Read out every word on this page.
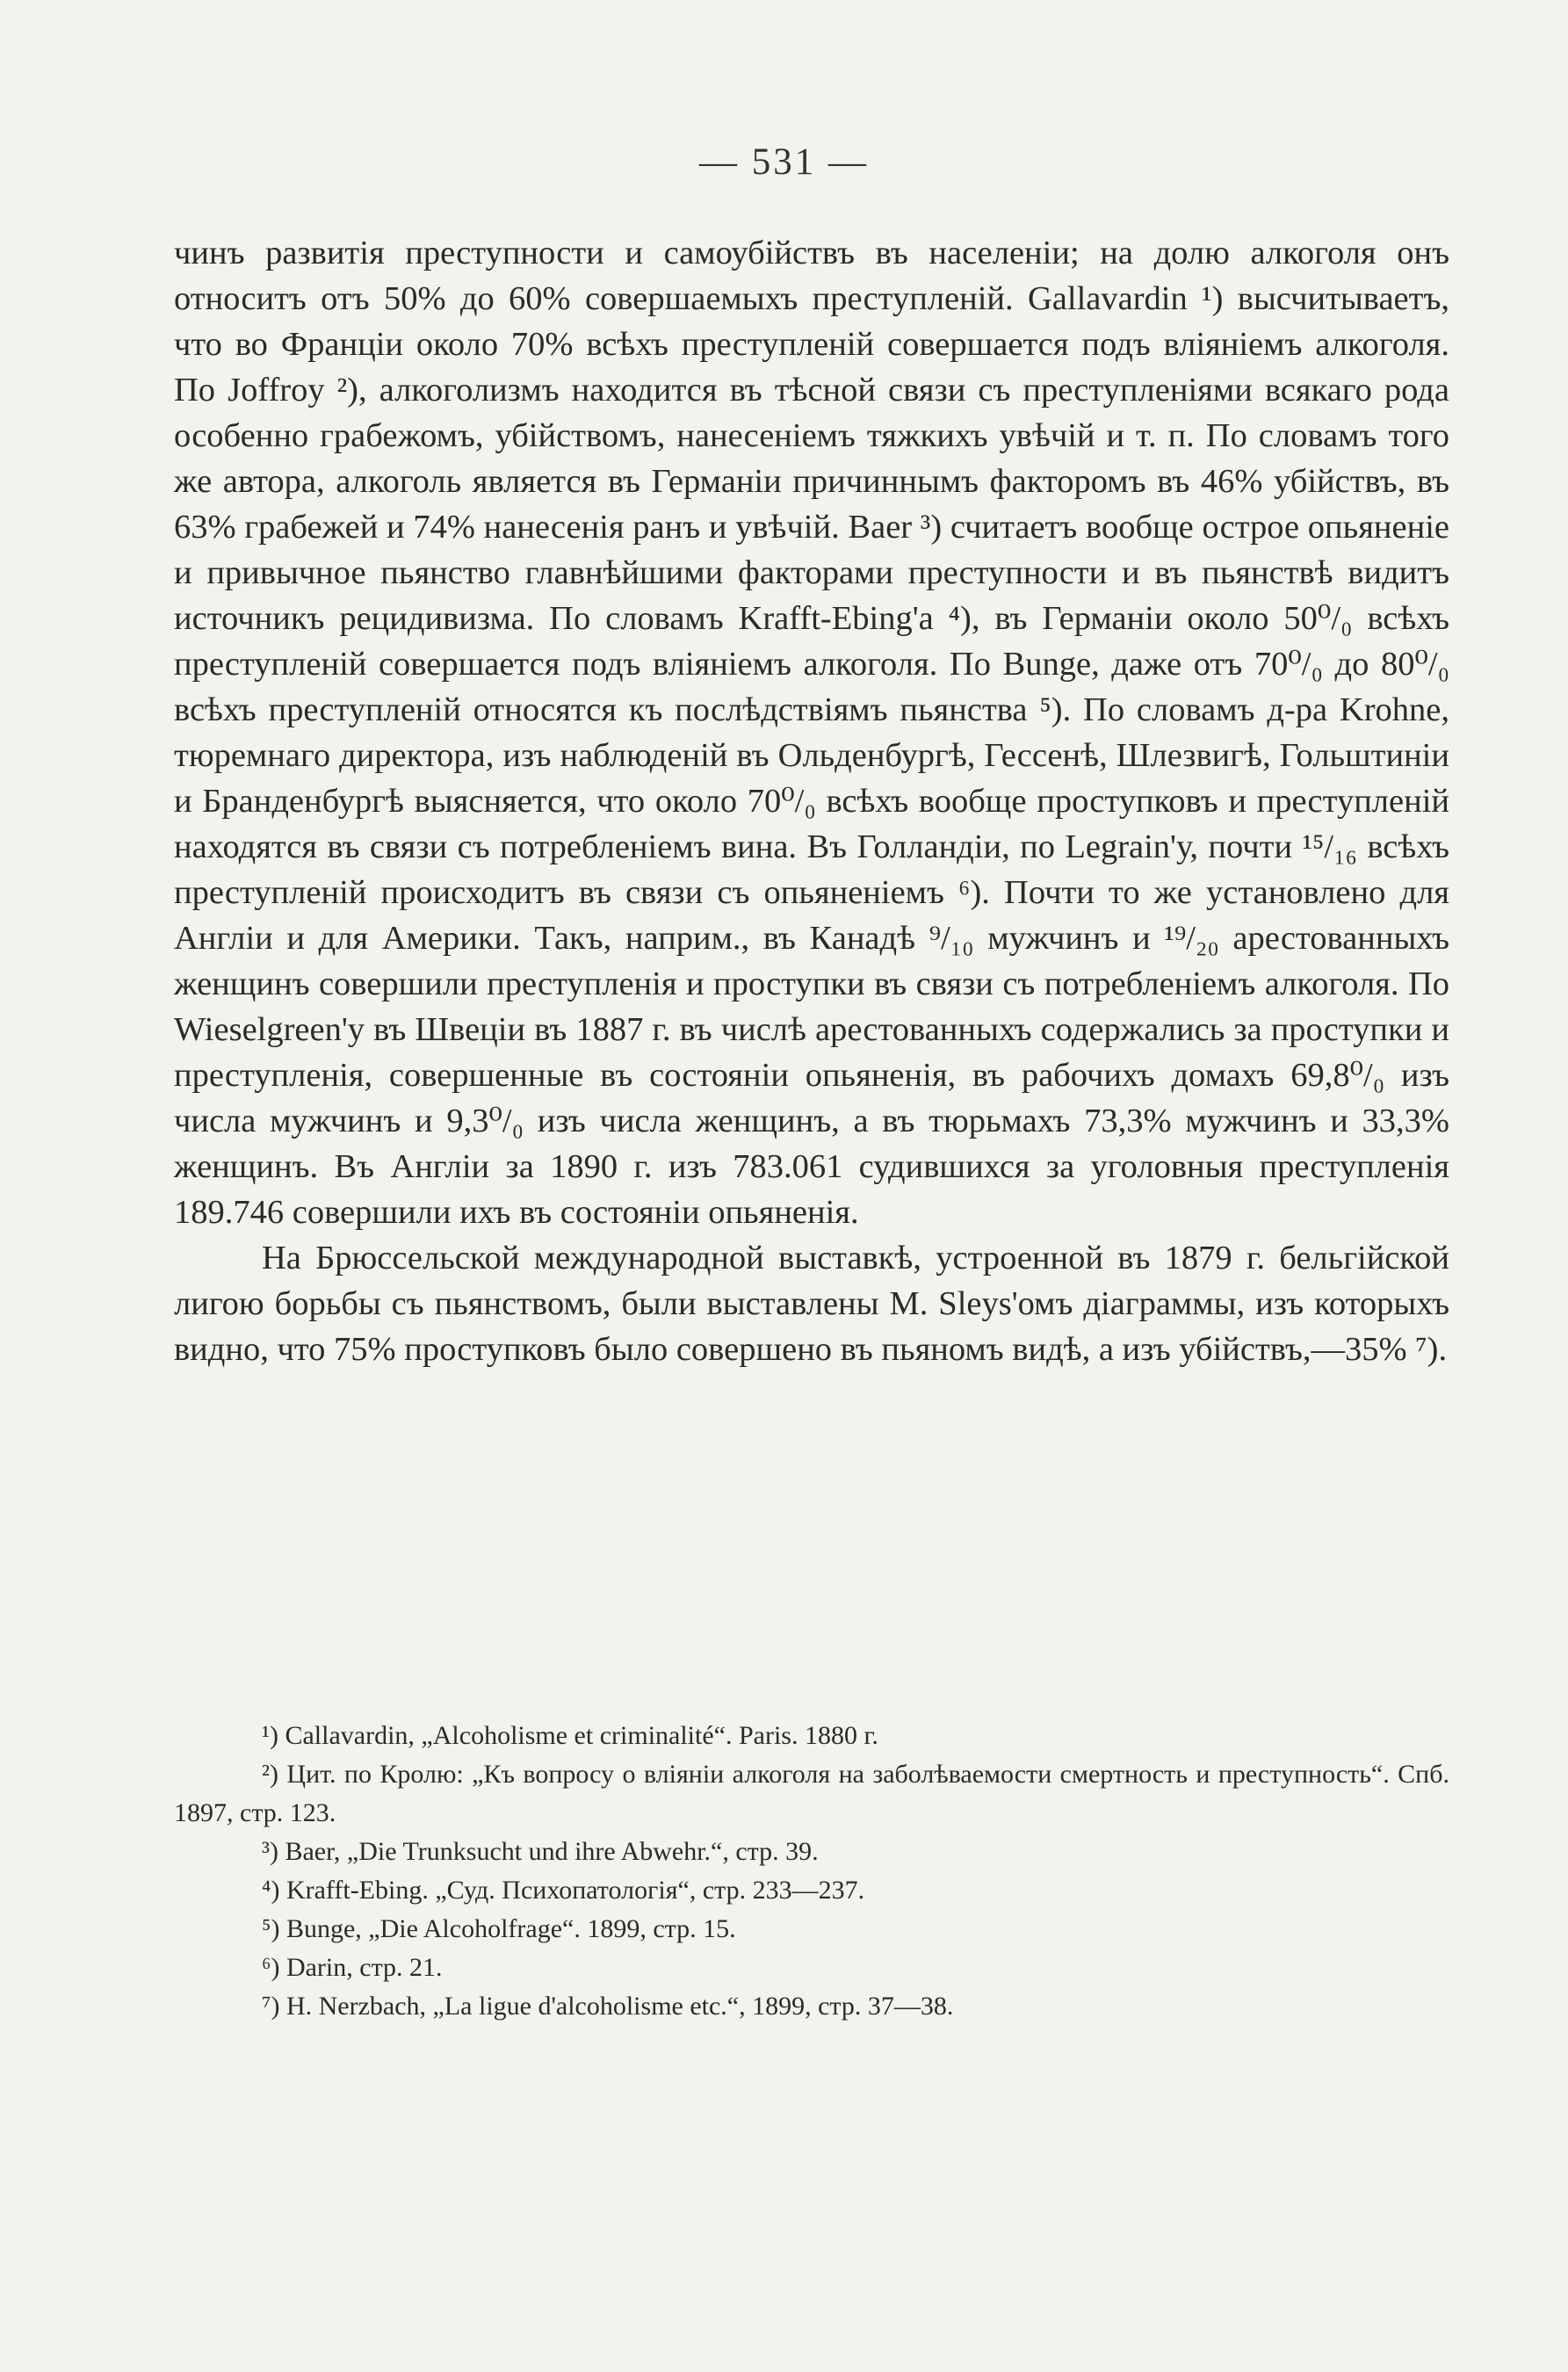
— 531 —

чинъ развитія преступности и самоубійствъ въ населеніи; на долю алкоголя онъ относитъ отъ 50% до 60% совершаемыхъ преступленій. Gallavardin ¹) высчитываетъ, что во Франціи около 70% всѣхъ преступленій совершается подъ вліяніемъ алкоголя. По Joffroy ²), алкоголизмъ находится въ тѣсной связи съ преступленіями всякаго рода особенно грабежомъ, убійствомъ, нанесеніемъ тяжкихъ увѣчій и т. п. По словамъ того же автора, алкоголь является въ Германіи причиннымъ факторомъ въ 46% убійствъ, въ 63% грабежей и 74% нанесенія ранъ и увѣчій. Baer ³) считаетъ вообще острое опьяненіе и привычное пьянство главнѣйшими факторами преступности и въ пьянствѣ видитъ источникъ рецидивизма. По словамъ Krafft-Ebing'a ⁴), въ Германіи около 50⁰/₀ всѣхъ преступленій совершается подъ вліяніемъ алкоголя. По Bunge, даже отъ 70⁰/₀ до 80⁰/₀ всѣхъ преступленій относятся къ послѣдствіямъ пьянства ⁵). По словамъ д-ра Krohne, тюремнаго директора, изъ наблюденій въ Ольденбургѣ, Гессенѣ, Шлезвигѣ, Гольштиніи и Бранденбургѣ выясняется, что около 70⁰/₀ всѣхъ вообще проступковъ и преступленій находятся въ связи съ потребленіемъ вина. Въ Голландіи, по Legrain'у, почти ¹⁵/₁₆ всѣхъ преступленій происходитъ въ связи съ опьяненіемъ ⁶). Почти то же установлено для Англіи и для Америки. Такъ, наприм., въ Канадѣ ⁹/₁₀ мужчинъ и ¹⁹/₂₀ арестованныхъ женщинъ совершили преступленія и проступки въ связи съ потребленіемъ алкоголя. По Wieselgreen'у въ Швеціи въ 1887 г. въ числѣ арестованныхъ содержались за проступки и преступленія, совершенные въ состояніи опьяненія, въ рабочихъ домахъ 69,8⁰/₀ изъ числа мужчинъ и 9,3⁰/₀ изъ числа женщинъ, а въ тюрьмахъ 73,3% мужчинъ и 33,3% женщинъ. Въ Англіи за 1890 г. изъ 783.061 судившихся за уголовныя преступленія 189.746 совершили ихъ въ состояніи опьяненія.

На Брюссельской международной выставкѣ, устроенной въ 1879 г. бельгійской лигою борьбы съ пьянствомъ, были выставлены M. Sleys'омъ діаграммы, изъ которыхъ видно, что 75% проступковъ было совершено въ пьяномъ видѣ, а изъ убійствъ,—35% ⁷).

¹) Callavardin, „Alcoholisme et criminalité“. Paris. 1880 г.

²) Цит. по Кролю: „Къ вопросу о вліяніи алкоголя на заболѣваемости смертность и преступность“. Спб. 1897, стр. 123.

³) Baer, „Die Trunksucht und ihre Abwehr.“, стр. 39.

⁴) Krafft-Ebing. „Суд. Психопатологія“, стр. 233—237.

⁵) Bunge, „Die Alcoholfrage“. 1899, стр. 15.

⁶) Darin, стр. 21.

⁷) H. Nerzbach, „La ligue d'alcoholisme etc.“, 1899, стр. 37—38.
